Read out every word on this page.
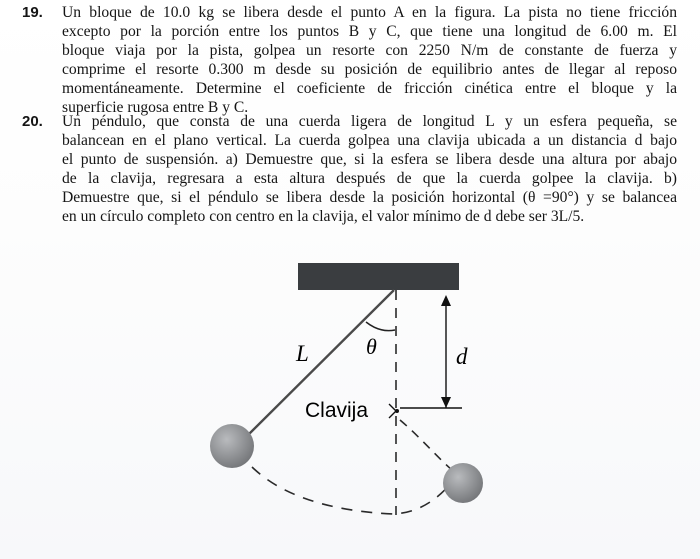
19.	Un bloque de 10.0 kg se libera desde el punto A en la figura. La pista no tiene fricción
excepto por la porción entre los puntos B y C, que tiene una longitud de 6.00 m. El
bloque viaja por la pista, golpea un resorte con 2250 N/m de constante de fuerza y
comprime el resorte 0.300 m desde su posición de equilibrio antes de llegar al reposo
momentáneamente. Determine el coeficiente de fricción cinética entre el bloque y la
superficie rugosa entre B y C.
20.	Un péndulo, que consta de una cuerda ligera de longitud L y un esfera pequeña, se
balancean en el plano vertical. La cuerda golpea una clavija ubicada a un distancia d bajo
el punto de suspensión. a) Demuestre que, si la esfera se libera desde una altura por abajo
de la clavija, regresara a esta altura después de que la cuerda golpee la clavija. b)
Demuestre que, si el péndulo se libera desde la posición horizontal (θ =90°) y se balancea
en un círculo completo con centro en la clavija, el valor mínimo de d debe ser 3L/5.
L	θ	d
Clavija
